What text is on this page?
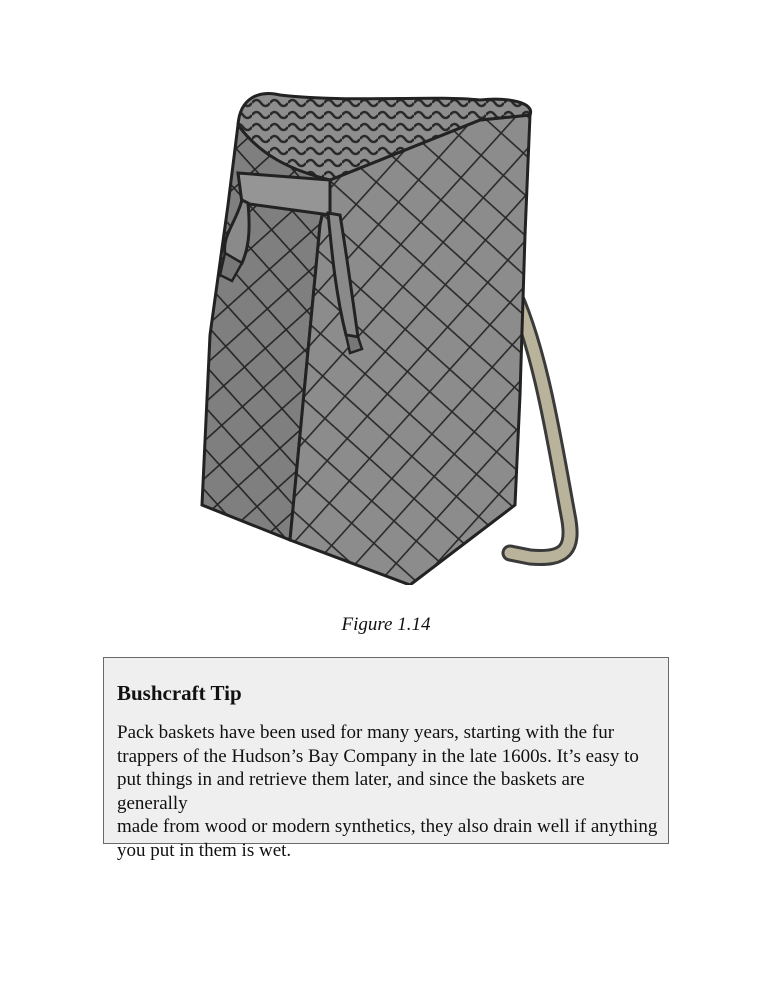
Figure 1.14
Bushcraft Tip

Pack baskets have been used for many years, starting with the fur
trappers of the Hudson’s Bay Company in the late 1600s. It’s easy to
put things in and retrieve them later, and since the baskets are generally
made from wood or modern synthetics, they also drain well if anything
you put in them is wet.
